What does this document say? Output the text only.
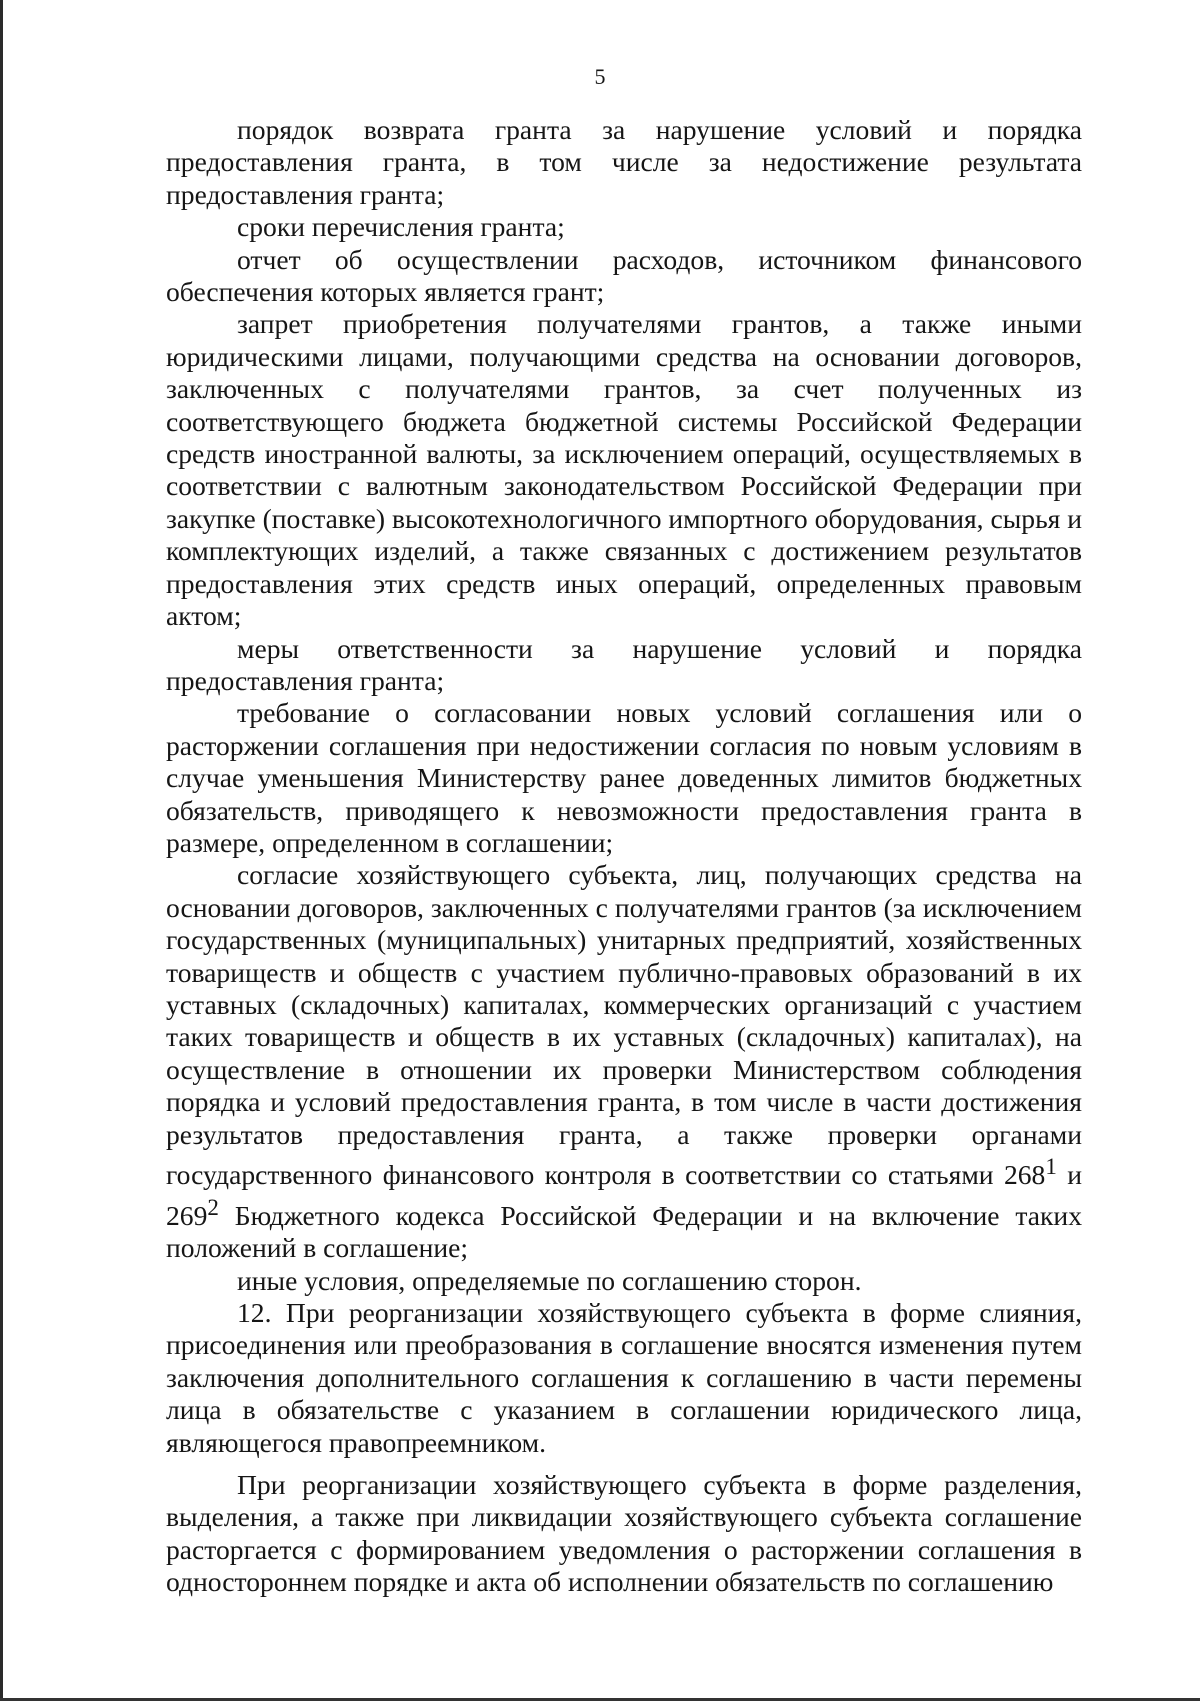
5

порядок возврата гранта за нарушение условий и порядка предоставления гранта, в том числе за недостижение результата предоставления гранта;

сроки перечисления гранта;

отчет об осуществлении расходов, источником финансового обеспечения которых является грант;

запрет приобретения получателями грантов, а также иными юридическими лицами, получающими средства на основании договоров, заключенных с получателями грантов, за счет полученных из соответствующего бюджета бюджетной системы Российской Федерации средств иностранной валюты, за исключением операций, осуществляемых в соответствии с валютным законодательством Российской Федерации при закупке (поставке) высокотехнологичного импортного оборудования, сырья и комплектующих изделий, а также связанных с достижением результатов предоставления этих средств иных операций, определенных правовым актом;

меры ответственности за нарушение условий и порядка предоставления гранта;

требование о согласовании новых условий соглашения или о расторжении соглашения при недостижении согласия по новым условиям в случае уменьшения Министерству ранее доведенных лимитов бюджетных обязательств, приводящего к невозможности предоставления гранта в размере, определенном в соглашении;

согласие хозяйствующего субъекта, лиц, получающих средства на основании договоров, заключенных с получателями грантов (за исключением государственных (муниципальных) унитарных предприятий, хозяйственных товариществ и обществ с участием публично-правовых образований в их уставных (складочных) капиталах, коммерческих организаций с участием таких товариществ и обществ в их уставных (складочных) капиталах), на осуществление в отношении их проверки Министерством соблюдения порядка и условий предоставления гранта, в том числе в части достижения результатов предоставления гранта, а также проверки органами государственного финансового контроля в соответствии со статьями $268^1$ и $269^2$ Бюджетного кодекса Российской Федерации и на включение таких положений в соглашение;

иные условия, определяемые по соглашению сторон.

12. При реорганизации хозяйствующего субъекта в форме слияния, присоединения или преобразования в соглашение вносятся изменения путем заключения дополнительного соглашения к соглашению в части перемены лица в обязательстве с указанием в соглашении юридического лица, являющегося правопреемником.

При реорганизации хозяйствующего субъекта в форме разделения, выделения, а также при ликвидации хозяйствующего субъекта соглашение расторгается с формированием уведомления о расторжении соглашения в одностороннем порядке и акта об исполнении обязательств по соглашению
